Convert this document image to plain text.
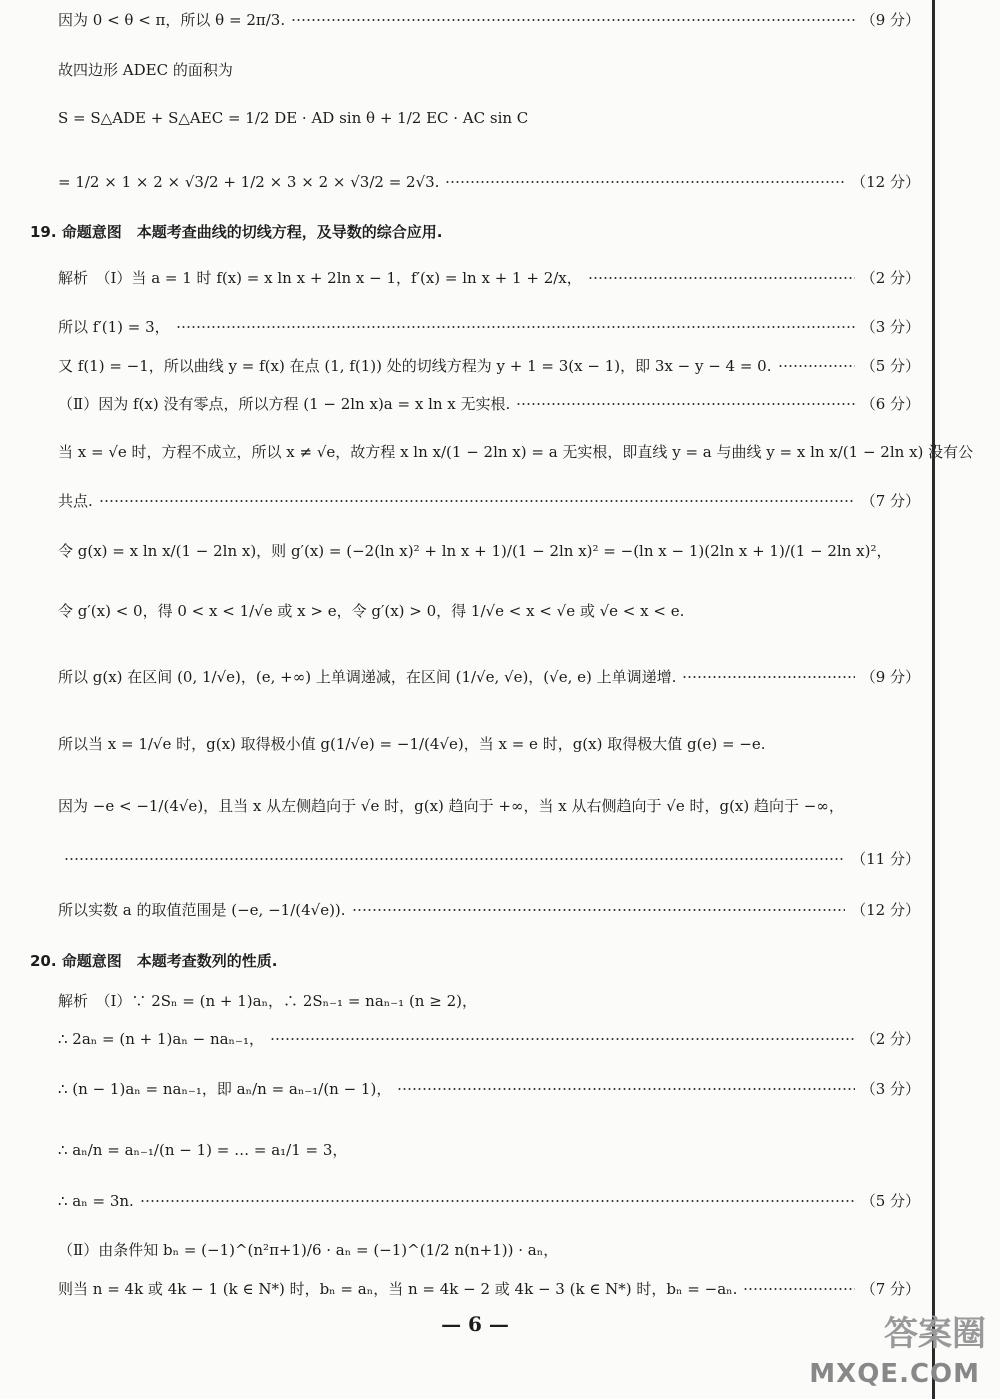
因为 0 < θ < π，所以 θ = 2π/3.	（9 分）
故四边形 ADEC 的面积为
S = S△ADE + S△AEC = 1/2 DE · AD sin θ + 1/2 EC · AC sin C
= 1/2 × 1 × 2 × √3/2 + 1/2 × 3 × 2 × √3/2 = 2√3.	（12 分）
19. 命题意图　本题考查曲线的切线方程，及导数的综合应用.
解析　（Ⅰ）当 a = 1 时 f(x) = x ln x + 2ln x − 1，f′(x) = ln x + 1 + 2/x，	（2 分）
所以 f′(1) = 3，	（3 分）
又 f(1) = −1，所以曲线 y = f(x) 在点 (1, f(1)) 处的切线方程为 y + 1 = 3(x − 1)，即 3x − y − 4 = 0.	（5 分）
（Ⅱ）因为 f(x) 没有零点，所以方程 (1 − 2ln x)a = x ln x 无实根.	（6 分）
当 x = √e 时，方程不成立，所以 x ≠ √e，故方程 x ln x/(1 − 2ln x) = a 无实根，即直线 y = a 与曲线 y = x ln x/(1 − 2ln x) 没有公
共点.	（7 分）
令 g(x) = x ln x/(1 − 2ln x)，则 g′(x) = (−2(ln x)² + ln x + 1)/(1 − 2ln x)² = −(ln x − 1)(2ln x + 1)/(1 − 2ln x)²，
令 g′(x) < 0，得 0 < x < 1/√e 或 x > e，令 g′(x) > 0，得 1/√e < x < √e 或 √e < x < e.
所以 g(x) 在区间 (0, 1/√e)，(e, +∞) 上单调递减，在区间 (1/√e, √e)，(√e, e) 上单调递增.	（9 分）
所以当 x = 1/√e 时，g(x) 取得极小值 g(1/√e) = −1/(4√e)，当 x = e 时，g(x) 取得极大值 g(e) = −e.
因为 −e < −1/(4√e)，且当 x 从左侧趋向于 √e 时，g(x) 趋向于 +∞，当 x 从右侧趋向于 √e 时，g(x) 趋向于 −∞，
（11 分）
所以实数 a 的取值范围是 (−e, −1/(4√e)).	（12 分）
20. 命题意图　本题考查数列的性质.
解析　（Ⅰ）∵ 2Sₙ = (n + 1)aₙ，∴ 2Sₙ₋₁ = naₙ₋₁ (n ≥ 2)，
∴ 2aₙ = (n + 1)aₙ − naₙ₋₁，	（2 分）
∴ (n − 1)aₙ = naₙ₋₁，即 aₙ/n = aₙ₋₁/(n − 1)，	（3 分）
∴ aₙ/n = aₙ₋₁/(n − 1) = … = a₁/1 = 3，
∴ aₙ = 3n.	（5 分）
（Ⅱ）由条件知 bₙ = (−1)^(n²π+1)/6 · aₙ = (−1)^(1/2 n(n+1)) · aₙ，
则当 n = 4k 或 4k − 1 (k ∈ N*) 时，bₙ = aₙ，当 n = 4k − 2 或 4k − 3 (k ∈ N*) 时，bₙ = −aₙ.	（7 分）
— 6 —	答案圈
MXQE.COM
